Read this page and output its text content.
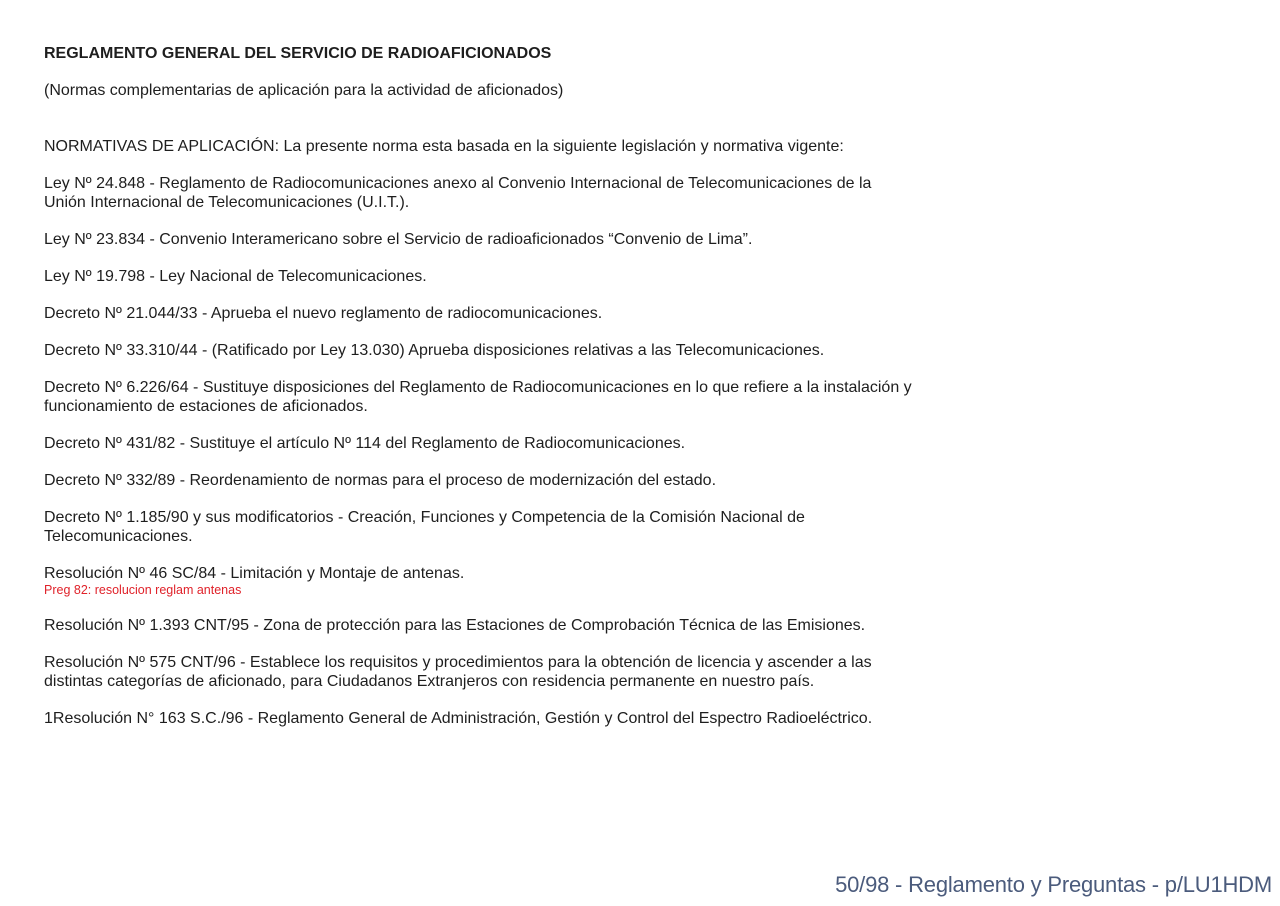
REGLAMENTO GENERAL DEL SERVICIO DE RADIOAFICIONADOS

(Normas complementarias de aplicación para la actividad de aficionados)

NORMATIVAS DE APLICACIÓN: La presente norma esta basada en la siguiente legislación y normativa vigente:

Ley Nº 24.848 - Reglamento de Radiocomunicaciones anexo al Convenio Internacional de Telecomunicaciones de la Unión Internacional de Telecomunicaciones (U.I.T.).

Ley Nº 23.834 - Convenio Interamericano sobre el Servicio de radioaficionados “Convenio de Lima”.

Ley Nº 19.798 - Ley Nacional de Telecomunicaciones.

Decreto Nº 21.044/33 - Aprueba el nuevo reglamento de radiocomunicaciones.

Decreto Nº 33.310/44 - (Ratificado por Ley 13.030) Aprueba disposiciones relativas a las Telecomunicaciones.

Decreto Nº 6.226/64 - Sustituye disposiciones del Reglamento de Radiocomunicaciones en lo que refiere a la instalación y funcionamiento de estaciones de aficionados.

Decreto Nº 431/82 - Sustituye el artículo Nº 114 del Reglamento de Radiocomunicaciones.

Decreto Nº 332/89 - Reordenamiento de normas para el proceso de modernización del estado.

Decreto Nº 1.185/90 y sus modificatorios - Creación, Funciones y Competencia de la Comisión Nacional de Telecomunicaciones.

Resolución Nº 46 SC/84 - Limitación y Montaje de antenas.

Preg 82: resolucion reglam antenas

Resolución Nº 1.393 CNT/95 - Zona de protección para las Estaciones de Comprobación Técnica de las Emisiones.

Resolución Nº 575 CNT/96 - Establece los requisitos y procedimientos para la obtención de licencia y ascender a las distintas categorías de aficionado, para Ciudadanos Extranjeros con residencia permanente en nuestro país.

1Resolución N° 163 S.C./96 - Reglamento General de Administración, Gestión y Control del Espectro Radioeléctrico.

50/98 - Reglamento y Preguntas - p/LU1HDM
